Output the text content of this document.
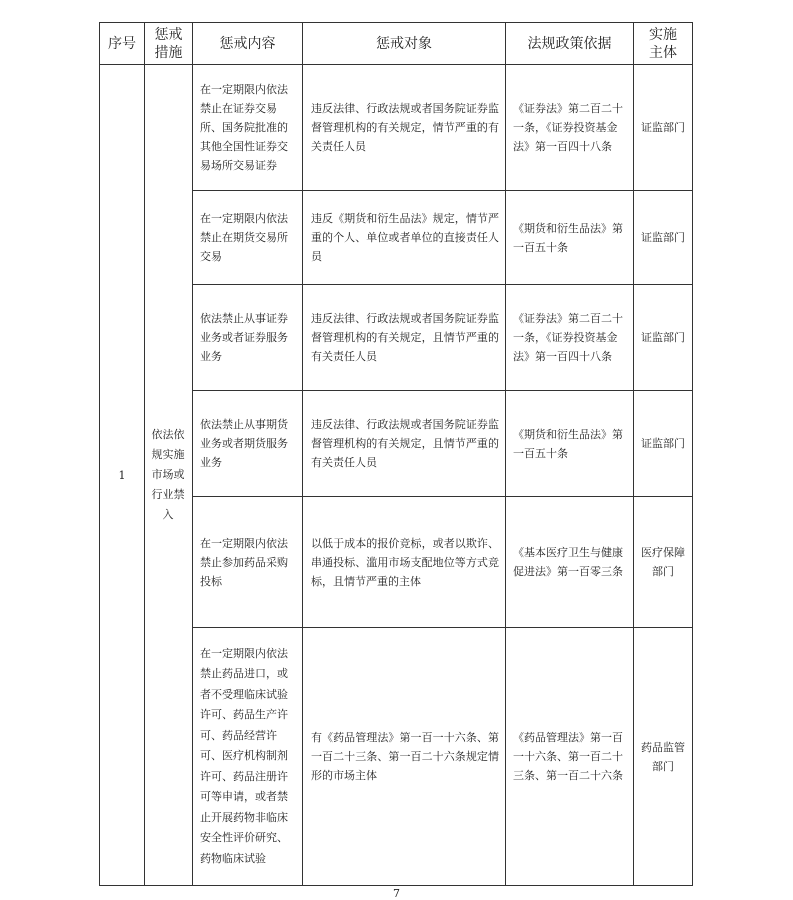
序号	惩戒措施	惩戒内容	惩戒对象	法规政策依据	实施主体

1	依法依规实施市场或行业禁入	在一定期限内依法禁止在证券交易所、国务院批准的其他全国性证券交易场所交易证券	违反法律、行政法规或者国务院证券监督管理机构的有关规定，情节严重的有关责任人员	《证券法》第二百二十一条，《证券投资基金法》第一百四十八条	证监部门
		在一定期限内依法禁止在期货交易所交易	违反《期货和衍生品法》规定，情节严重的个人、单位或者单位的直接责任人员	《期货和衍生品法》第一百五十条	证监部门
		依法禁止从事证券业务或者证券服务业务	违反法律、行政法规或者国务院证券监督管理机构的有关规定，且情节严重的有关责任人员	《证券法》第二百二十一条，《证券投资基金法》第一百四十八条	证监部门
		依法禁止从事期货业务或者期货服务业务	违反法律、行政法规或者国务院证券监督管理机构的有关规定，且情节严重的有关责任人员	《期货和衍生品法》第一百五十条	证监部门
		在一定期限内依法禁止参加药品采购投标	以低于成本的报价竞标，或者以欺诈、串通投标、滥用市场支配地位等方式竞标，且情节严重的主体	《基本医疗卫生与健康促进法》第一百零三条	医疗保障部门
		在一定期限内依法禁止药品进口，或者不受理临床试验许可、药品生产许可、药品经营许可、医疗机构制剂许可、药品注册许可等申请，或者禁止开展药物非临床安全性评价研究、药物临床试验	有《药品管理法》第一百一十六条、第一百二十三条、第一百二十六条规定情形的市场主体	《药品管理法》第一百一十六条、第一百二十三条、第一百二十六条	药品监管部门
7
